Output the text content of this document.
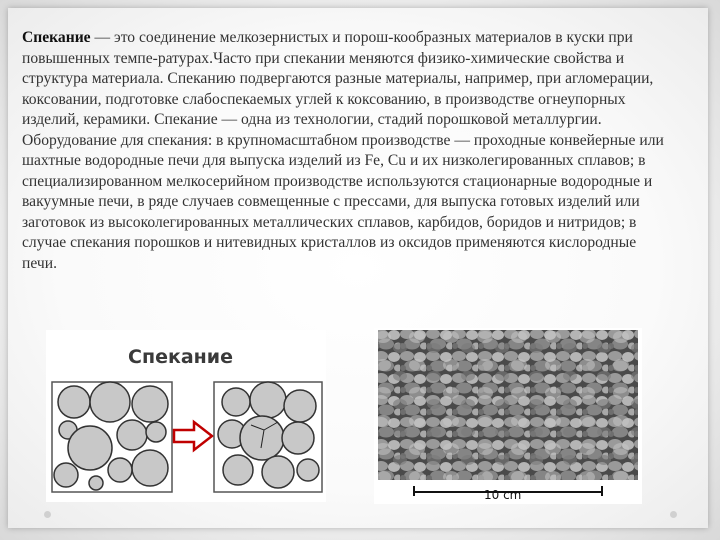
Спекание — это соединение мелкозернистых и порош-кообразных материалов в куски при повышенных темпе-ратурах.Часто при спекании меняются физико-химические свойства и структура материала. Спеканию подвергаются разные материалы, например, при агломерации, коксовании, подготовке слабоспекаемых углей к коксованию, в производстве огнеупорных изделий, керамики. Спекание — одна из технологии, стадий порошковой металлургии. Оборудование для спекания: в крупномасштабном производстве — проходные конвейерные или шахтные водородные печи для выпуска изделий из Fe, Cu и их низколегированных сплавов; в специализированном мелкосерийном производстве используются стационарные водородные и вакуумные печи, в ряде случаев совмещенные с прессами, для выпуска готовых изделий или заготовок из высоколегированных металлических сплавов, карбидов, боридов и нитридов; в случае спекания порошков и нитевидных кристаллов из оксидов применяются кислородные печи.
Спекание
10 cm
